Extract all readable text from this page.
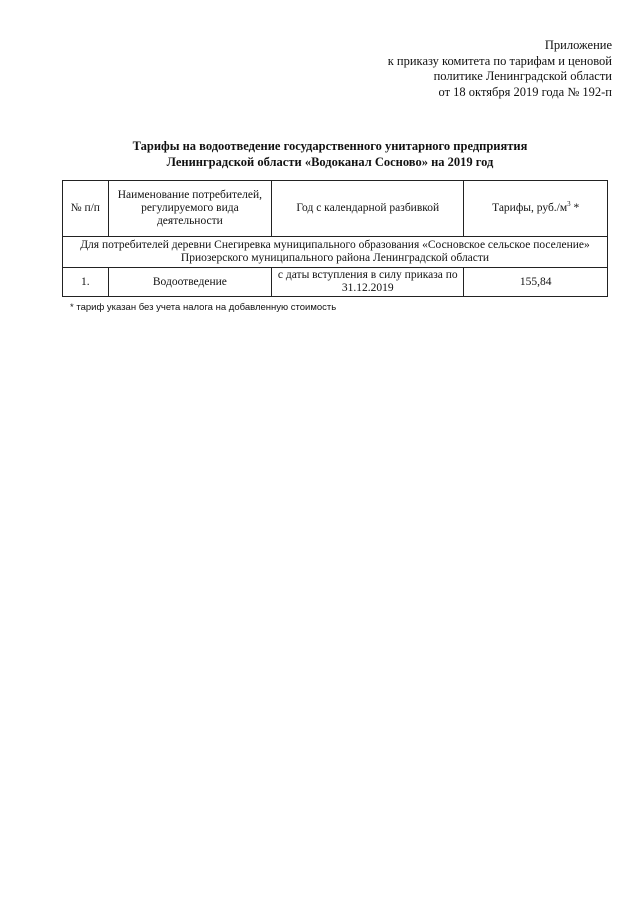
Приложение
к приказу комитета по тарифам и ценовой
политике Ленинградской области
от 18 октября 2019 года № 192-п
Тарифы на водоотведение государственного унитарного предприятия
Ленинградской области «Водоканал Сосново» на 2019 год
№ п/п	Наименование потребителей, регулируемого вида деятельности	Год с календарной разбивкой	Тарифы, $руб./м^3$ *
Для потребителей деревни Снегиревка муниципального образования «Сосновское сельское поселение» Приозерского муниципального района Ленинградской области			
1.	Водоотведение	с даты вступления в силу приказа по 31.12.2019	155,84
* тариф указан без учета налога на добавленную стоимость
